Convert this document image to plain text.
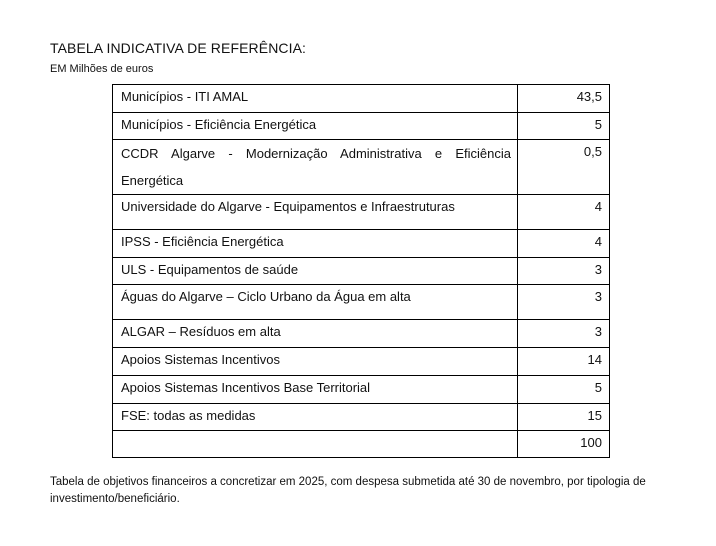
TABELA INDICATIVA DE REFERÊNCIA:
EM Milhões de euros
Municípios - ITI AMAL	43,5

Municípios - Eficiência Energética	5

CCDR Algarve - Modernização Administrativa e Eficiência Energética	0,5

Universidade do Algarve - Equipamentos e Infraestruturas	4

IPSS - Eficiência Energética	4

ULS - Equipamentos de saúde	3

Águas do Algarve – Ciclo Urbano da Água em alta	3

ALGAR – Resíduos em alta	3

Apoios Sistemas Incentivos	14

Apoios Sistemas Incentivos Base Territorial	5

FSE: todas as medidas	15

	100
Tabela de objetivos financeiros a concretizar em 2025, com despesa submetida até 30 de novembro, por tipologia de investimento/beneficiário.
